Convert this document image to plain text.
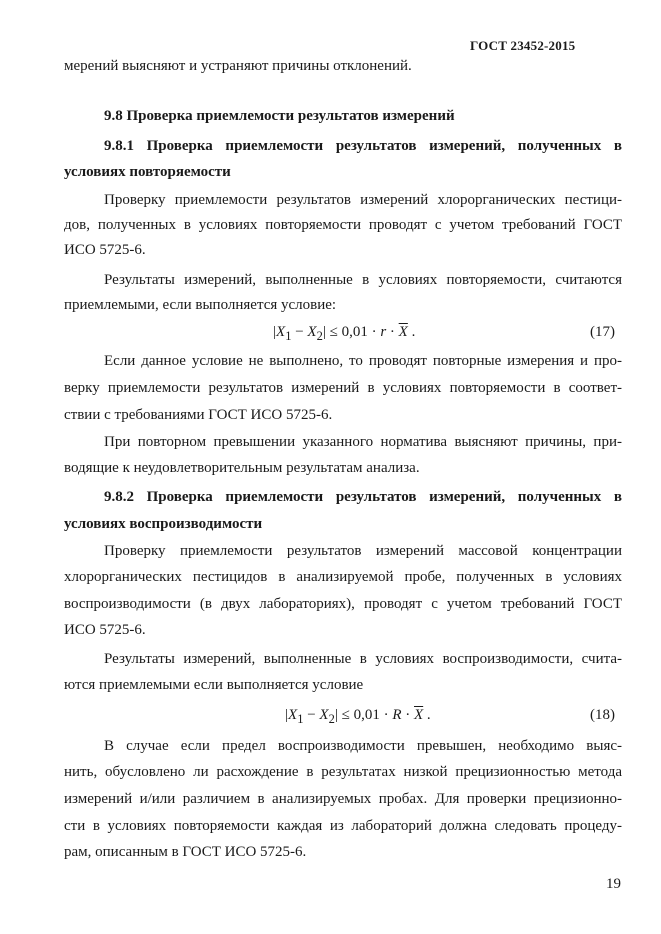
ГОСТ 23452-2015
мерений выясняют и устраняют причины отклонений.
9.8 Проверка приемлемости результатов измерений
9.8.1 Проверка приемлемости результатов измерений, полученных в
условиях повторяемости
Проверку приемлемости результатов измерений хлорорганических пестици-
дов, полученных в условиях повторяемости проводят с учетом требований ГОСТ
ИСО 5725-6.
Результаты измерений, выполненные в условиях повторяемости, считаются
приемлемыми, если выполняется условие:
$|X_1 - X_2| \le 0,01 \cdot r \cdot \overline{X}$ .	(17)
Если данное условие не выполнено, то проводят повторные измерения и про-
верку приемлемости результатов измерений в условиях повторяемости в соответ-
ствии с требованиями ГОСТ ИСО 5725-6.
При повторном превышении указанного норматива выясняют причины, при-
водящие к неудовлетворительным результатам анализа.
9.8.2 Проверка приемлемости результатов измерений, полученных в
условиях воспроизводимости
Проверку приемлемости результатов измерений массовой концентрации
хлорорганических пестицидов в анализируемой пробе, полученных в условиях
воспроизводимости (в двух лабораториях), проводят с учетом требований ГОСТ
ИСО 5725-6.
Результаты измерений, выполненные в условиях воспроизводимости, счита-
ются приемлемыми если выполняется условие
$|X_1 - X_2| \le 0,01 \cdot R \cdot \overline{X}$ .	(18)
В случае если предел воспроизводимости превышен, необходимо выяс-
нить, обусловлено ли расхождение в результатах низкой прецизионностью метода
измерений и/или различием в анализируемых пробах. Для проверки прецизионно-
сти в условиях повторяемости каждая из лабораторий должна следовать процеду-
рам, описанным в ГОСТ ИСО 5725-6.
19
